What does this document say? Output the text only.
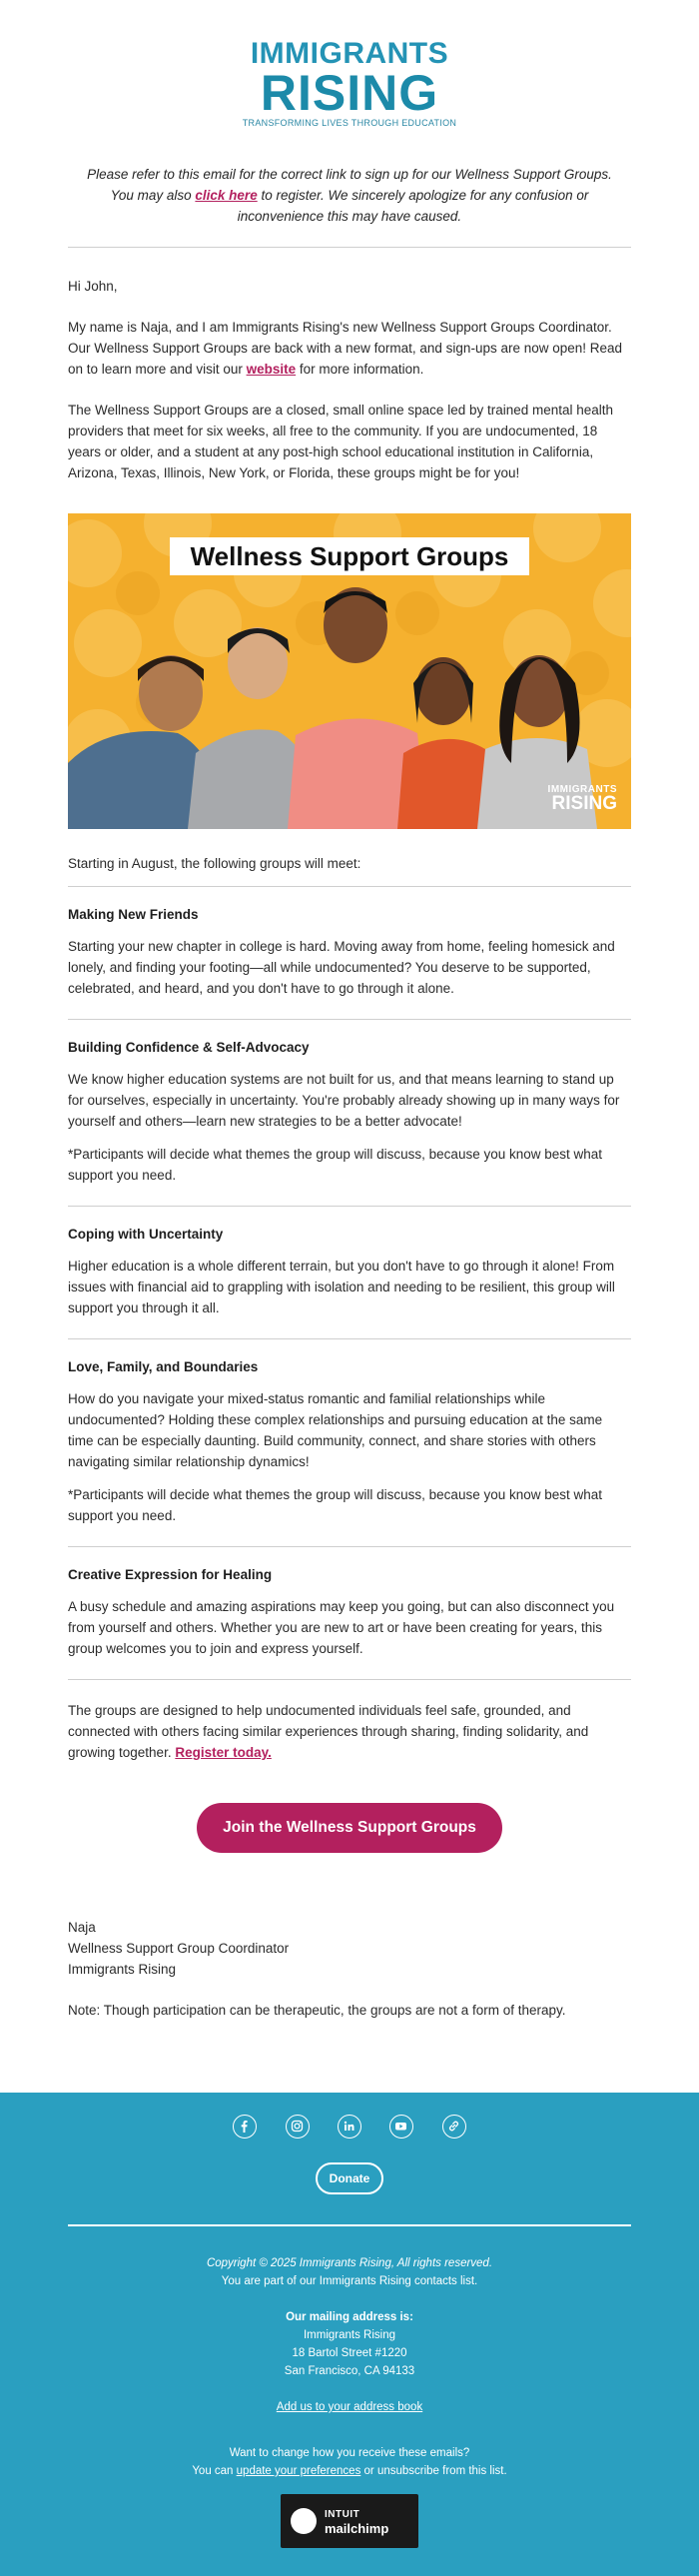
IMMIGRANTS
RISING
TRANSFORMING LIVES THROUGH EDUCATION
Please refer to this email for the correct link to sign up for our Wellness Support Groups. You may also click here to register. We sincerely apologize for any confusion or inconvenience this may have caused.

Hi John,

My name is Naja, and I am Immigrants Rising's new Wellness Support Groups Coordinator. Our Wellness Support Groups are back with a new format, and sign-ups are now open! Read on to learn more and visit our website for more information.

The Wellness Support Groups are a closed, small online space led by trained mental health providers that meet for six weeks, all free to the community. If you are undocumented, 18 years or older, and a student at any post-high school educational institution in California, Arizona, Texas, Illinois, New York, or Florida, these groups might be for you!

Wellness Support Groups
IMMIGRANTS
RISING

Starting in August, the following groups will meet:

Making New Friends

Starting your new chapter in college is hard. Moving away from home, feeling homesick and lonely, and finding your footing—all while undocumented? You deserve to be supported, celebrated, and heard, and you don't have to go through it alone.

Building Confidence & Self-Advocacy

We know higher education systems are not built for us, and that means learning to stand up for ourselves, especially in uncertainty. You're probably already showing up in many ways for yourself and others—learn new strategies to be a better advocate!

*Participants will decide what themes the group will discuss, because you know best what support you need.

Coping with Uncertainty

Higher education is a whole different terrain, but you don't have to go through it alone! From issues with financial aid to grappling with isolation and needing to be resilient, this group will support you through it all.

Love, Family, and Boundaries

How do you navigate your mixed-status romantic and familial relationships while undocumented? Holding these complex relationships and pursuing education at the same time can be especially daunting. Build community, connect, and share stories with others navigating similar relationship dynamics!

*Participants will decide what themes the group will discuss, because you know best what support you need.

Creative Expression for Healing

A busy schedule and amazing aspirations may keep you going, but can also disconnect you from yourself and others. Whether you are new to art or have been creating for years, this group welcomes you to join and express yourself.

The groups are designed to help undocumented individuals feel safe, grounded, and connected with others facing similar experiences through sharing, finding solidarity, and growing together. Register today.

Join the Wellness Support Groups

Naja

Wellness Support Group Coordinator

Immigrants Rising

Note: Though participation can be therapeutic, the groups are not a form of therapy.

Donate
Copyright © 2025 Immigrants Rising, All rights reserved.
You are part of our Immigrants Rising contacts list.
Our mailing address is:
Immigrants Rising
18 Bartol Street #1220
San Francisco, CA 94133
Add us to your address book
Want to change how you receive these emails?
You can update your preferences or unsubscribe from this list.
INTUIT
mailchimp
